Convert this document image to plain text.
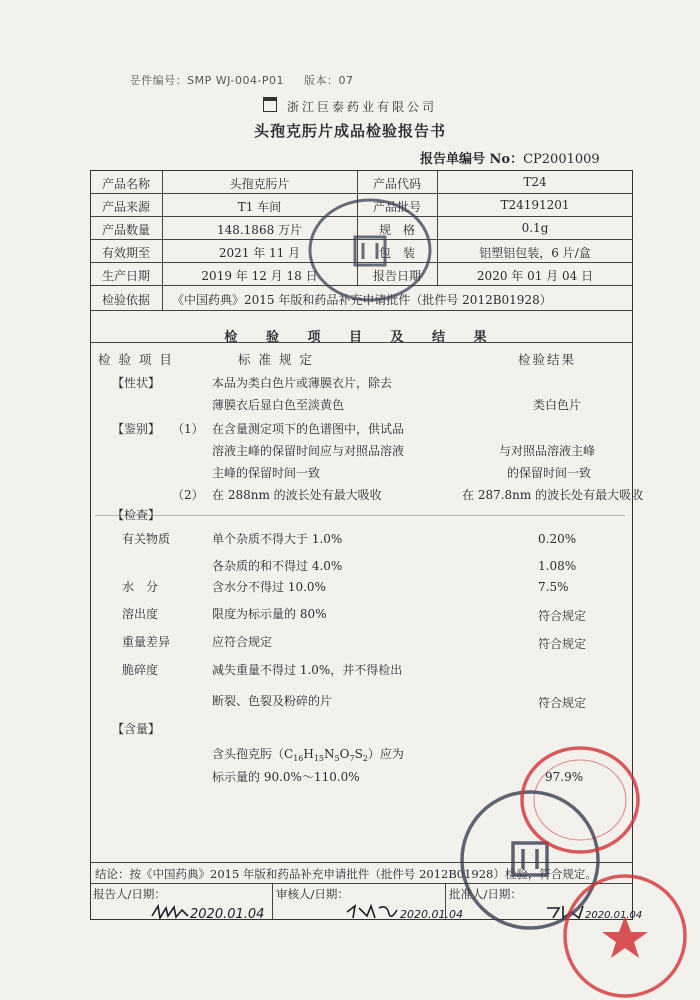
문件编号：SMP WJ-004-P01 版本：07
浙江巨泰药业有限公司
头孢克肟片成品检验报告书
报告单编号 No：CP2001009
产品名称	头孢克肟片	产品代码	T24
产品来源	T1 车间	产品批号	T24191201
产品数量	148.1868 万片	规　格	0.1g
有效期至	2021 年 11 月	包　装	铝塑铝包装，6 片/盒
生产日期	2019 年 12 月 18 日	报告日期	2020 年 01 月 04 日
检验依据	《中国药典》2015 年版和药品补充申请批件（批件号 2012B01928）
检 验 项 目 及 结 果
检 验 项 目	标 准 规 定	检验结果
【性状】	本品为类白色片或薄膜衣片，除去
薄膜衣后显白色至淡黄色	类白色片
【鉴别】 （1） 在含量测定项下的色谱图中，供试品
溶液主峰的保留时间应与对照品溶液	与对照品溶液主峰
主峰的保留时间一致	的保留时间一致
（2） 在 288nm 的波长处有最大吸收	在 287.8nm 的波长处有最大吸收
【检查】
有关物质	单个杂质不得大于 1.0%	0.20%
各杂质的和不得过 4.0%	1.08%
水　分	含水分不得过 10.0%	7.5%
溶出度	限度为标示量的 80%	符合规定
重量差异	应符合规定	符合规定
脆碎度	减失重量不得过 1.0%，并不得检出
断裂、色裂及粉碎的片	符合规定
【含量】
含头孢克肟$(C_{16}H_{15}N_5O_7S_2)$应为
标示量的 90.0%～110.0%	97.9%
结论：按《中国药典》2015 年版和药品补充申请批件（批件号 2012B01928）检验，符合规定。
报告人/日期：	审核人/日期：	批准人/日期：
2020.01.04	2020.01.04	2020.01.04
